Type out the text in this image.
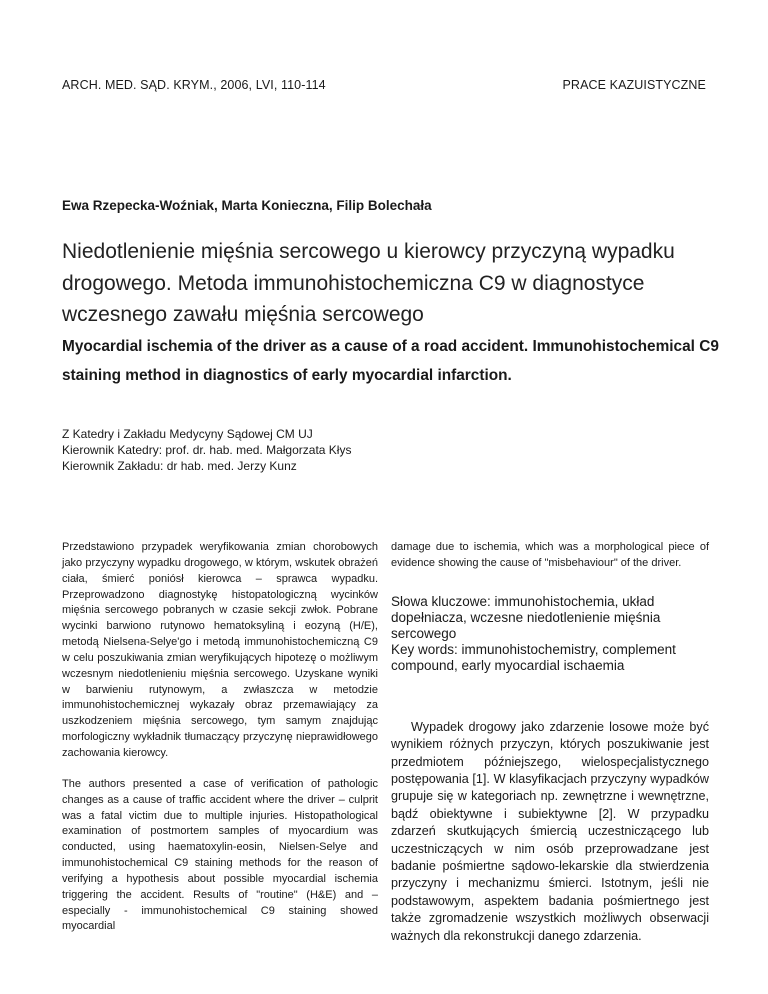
ARCH. MED. SĄD. KRYM., 2006, LVI, 110-114	PRACE KAZUISTYCZNE
Ewa Rzepecka-Woźniak, Marta Konieczna, Filip Bolechała
Niedotlenienie mięśnia sercowego u kierowcy przyczyną wypadku drogowego. Metoda immunohistochemiczna C9 w diagnostyce wczesnego zawału mięśnia sercowego
Myocardial ischemia of the driver as a cause of a road accident. Immunohistochemical C9 staining method in diagnostics of early myocardial infarction.
Z Katedry i Zakładu Medycyny Sądowej CM UJ
Kierownik Katedry: prof. dr. hab. med. Małgorzata Kłys
Kierownik Zakładu: dr hab. med. Jerzy Kunz

Przedstawiono przypadek weryfikowania zmian chorobowych jako przyczyny wypadku drogowego, w którym, wskutek obrażeń ciała, śmierć poniósł kierowca – sprawca wypadku. Przeprowadzono diagnostykę histopatologiczną wycinków mięśnia sercowego pobranych w czasie sekcji zwłok. Pobrane wycinki barwiono rutynowo hematoksyliną i eozyną (H/E), metodą Nielsena-Selye'go i metodą immunohistochemiczną C9 w celu poszukiwania zmian weryfikujących hipotezę o możliwym wczesnym niedotlenieniu mięśnia sercowego. Uzyskane wyniki w barwieniu rutynowym, a zwłaszcza w metodzie immunohistochemicznej wykazały obraz przemawiający za uszkodzeniem mięśnia sercowego, tym samym znajdując morfologiczny wykładnik tłumaczący przyczynę nieprawidłowego zachowania kierowcy.

The authors presented a case of verification of pathologic changes as a cause of traffic accident where the driver – culprit was a fatal victim due to multiple injuries. Histopathological examination of postmortem samples of myocardium was conducted, using haematoxylin-eosin, Nielsen-Selye and immunohistochemical C9 staining methods for the reason of verifying a hypothesis about possible myocardial ischemia triggering the accident. Results of "routine" (H&E) and – especially - immunohistochemical C9 staining showed myocardial

damage due to ischemia, which was a morphological piece of evidence showing the cause of "misbehaviour" of the driver.

Słowa kluczowe: immunohistochemia, układ dopełniacza, wczesne niedotlenienie mięśnia sercowego
Key words: immunohistochemistry, complement compound, early myocardial ischaemia

Wypadek drogowy jako zdarzenie losowe może być wynikiem różnych przyczyn, których poszukiwanie jest przedmiotem późniejszego, wielospecjalistycznego postępowania [1]. W klasyfikacjach przyczyny wypadków grupuje się w kategoriach np. zewnętrzne i wewnętrzne, bądź obiektywne i subiektywne [2]. W przypadku zdarzeń skutkujących śmiercią uczestniczącego lub uczestniczących w nim osób przeprowadzane jest badanie pośmiertne sądowo-lekarskie dla stwierdzenia przyczyny i mechanizmu śmierci. Istotnym, jeśli nie podstawowym, aspektem badania pośmiertnego jest także zgromadzenie wszystkich możliwych obserwacji ważnych dla rekonstrukcji danego zdarzenia.
